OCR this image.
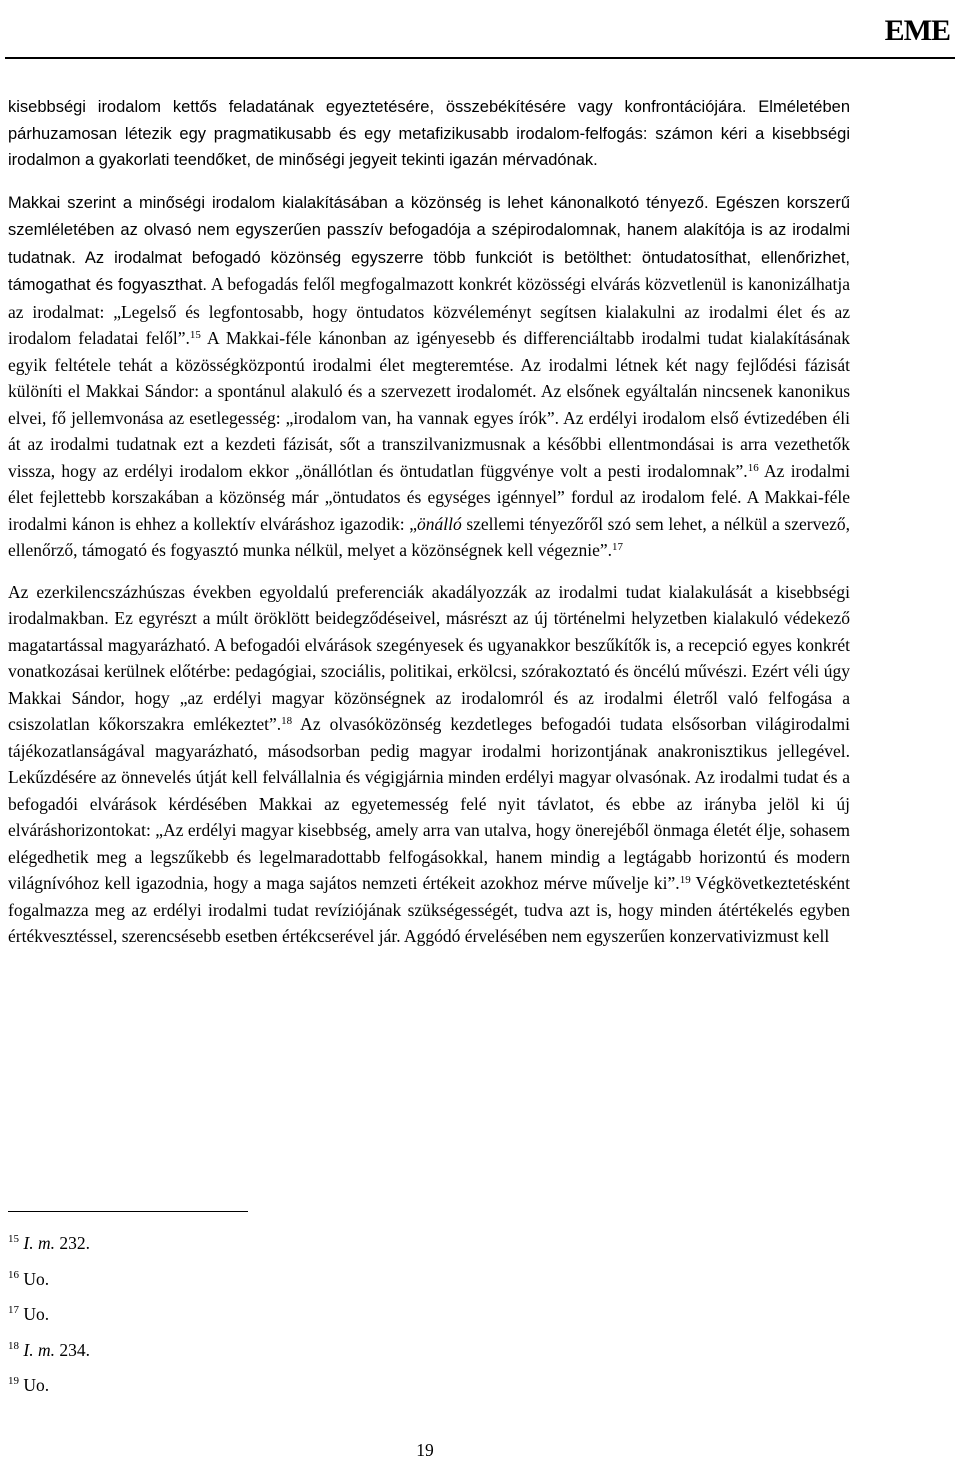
EME

kisebbségi irodalom kettős feladatának egyeztetésére, összebékítésére vagy konfrontációjára. Elméletében párhuzamosan létezik egy pragmatikusabb és egy metafizikusabb irodalom-felfogás: számon kéri a kisebbségi irodalmon a gyakorlati teendőket, de minőségi jegyeit tekinti igazán mérvadónak.

Makkai szerint a minőségi irodalom kialakításában a közönség is lehet kánonalkotó tényező. Egészen korszerű szemléletében az olvasó nem egyszerűen passzív befogadója a szépirodalomnak, hanem alakítója is az irodalmi tudatnak. Az irodalmat befogadó közönség egyszerre több funkciót is betölthet: öntudatosíthat, ellenőrizhet, támogathat és fogyaszthat. A befogadás felől megfogalmazott konkrét közösségi elvárás közvetlenül is kanonizálhatja az irodalmat: „Legelső és legfontosabb, hogy öntudatos közvéleményt segítsen kialakulni az irodalmi élet és az irodalom feladatai felől”.$^{15}$ A Makkai-féle kánonban az igényesebb és differenciáltabb irodalmi tudat kialakításának egyik feltétele tehát a közösségközpontú irodalmi élet megteremtése. Az irodalmi létnek két nagy fejlődési fázisát különíti el Makkai Sándor: a spontánul alakuló és a szervezett irodalomét. Az elsőnek egyáltalán nincsenek kanonikus elvei, fő jellemvonása az esetlegesség: „irodalom van, ha vannak egyes írók”. Az erdélyi irodalom első évtizedében éli át az irodalmi tudatnak ezt a kezdeti fázisát, sőt a transzilvanizmusnak a későbbi ellentmondásai is arra vezethetők vissza, hogy az erdélyi irodalom ekkor „önállótlan és öntudatlan függvénye volt a pesti irodalomnak”.$^{16}$ Az irodalmi élet fejlettebb korszakában a közönség már „öntudatos és egységes igénnyel” fordul az irodalom felé. A Makkai-féle irodalmi kánon is ehhez a kollektív elváráshoz igazodik: „önálló szellemi tényezőről szó sem lehet, a nélkül a szervező, ellenőrző, támogató és fogyasztó munka nélkül, melyet a közönségnek kell végeznie”.$^{17}$

Az ezerkilencszázhúszas években egyoldalú preferenciák akadályozzák az irodalmi tudat kialakulását a kisebbségi irodalmakban. Ez egyrészt a múlt öröklött beidegződéseivel, másrészt az új történelmi helyzetben kialakuló védekező magatartással magyarázható. A befogadói elvárások szegényesek és ugyanakkor beszűkítők is, a recepció egyes konkrét vonatkozásai kerülnek előtérbe: pedagógiai, szociális, politikai, erkölcsi, szórakoztató és öncélú művészi. Ezért véli úgy Makkai Sándor, hogy „az erdélyi magyar közönségnek az irodalomról és az irodalmi életről való felfogása a csiszolatlan kőkorszakra emlékeztet”.$^{18}$ Az olvasóközönség kezdetleges befogadói tudata elsősorban világirodalmi tájékozatlanságával magyarázható, másodsorban pedig magyar irodalmi horizontjának anakronisztikus jellegével. Lekűzdésére az önnevelés útját kell felvállalnia és végigjárnia minden erdélyi magyar olvasónak. Az irodalmi tudat és a befogadói elvárások kérdésében Makkai az egyetemesség felé nyit távlatot, és ebbe az irányba jelöl ki új elváráshorizontokat: „Az erdélyi magyar kisebbség, amely arra van utalva, hogy önerejéből önmaga életét élje, sohasem elégedhetik meg a legszűkebb és legelmaradottabb felfogásokkal, hanem mindig a legtágabb horizontú és modern világnívóhoz kell igazodnia, hogy a maga sajátos nemzeti értékeit azokhoz mérve művelje ki”.$^{19}$ Végkövetkeztetésként fogalmazza meg az erdélyi irodalmi tudat revíziójának szükségességét, tudva azt is, hogy minden átértékelés egyben értékvesztéssel, szerencsésebb esetben értékcserével jár. Aggódó érvelésében nem egyszerűen konzervativizmust kell

$^{15}$ I. m. 232.
$^{16}$ Uo.
$^{17}$ Uo.
$^{18}$ I. m. 234.
$^{19}$ Uo.
19
